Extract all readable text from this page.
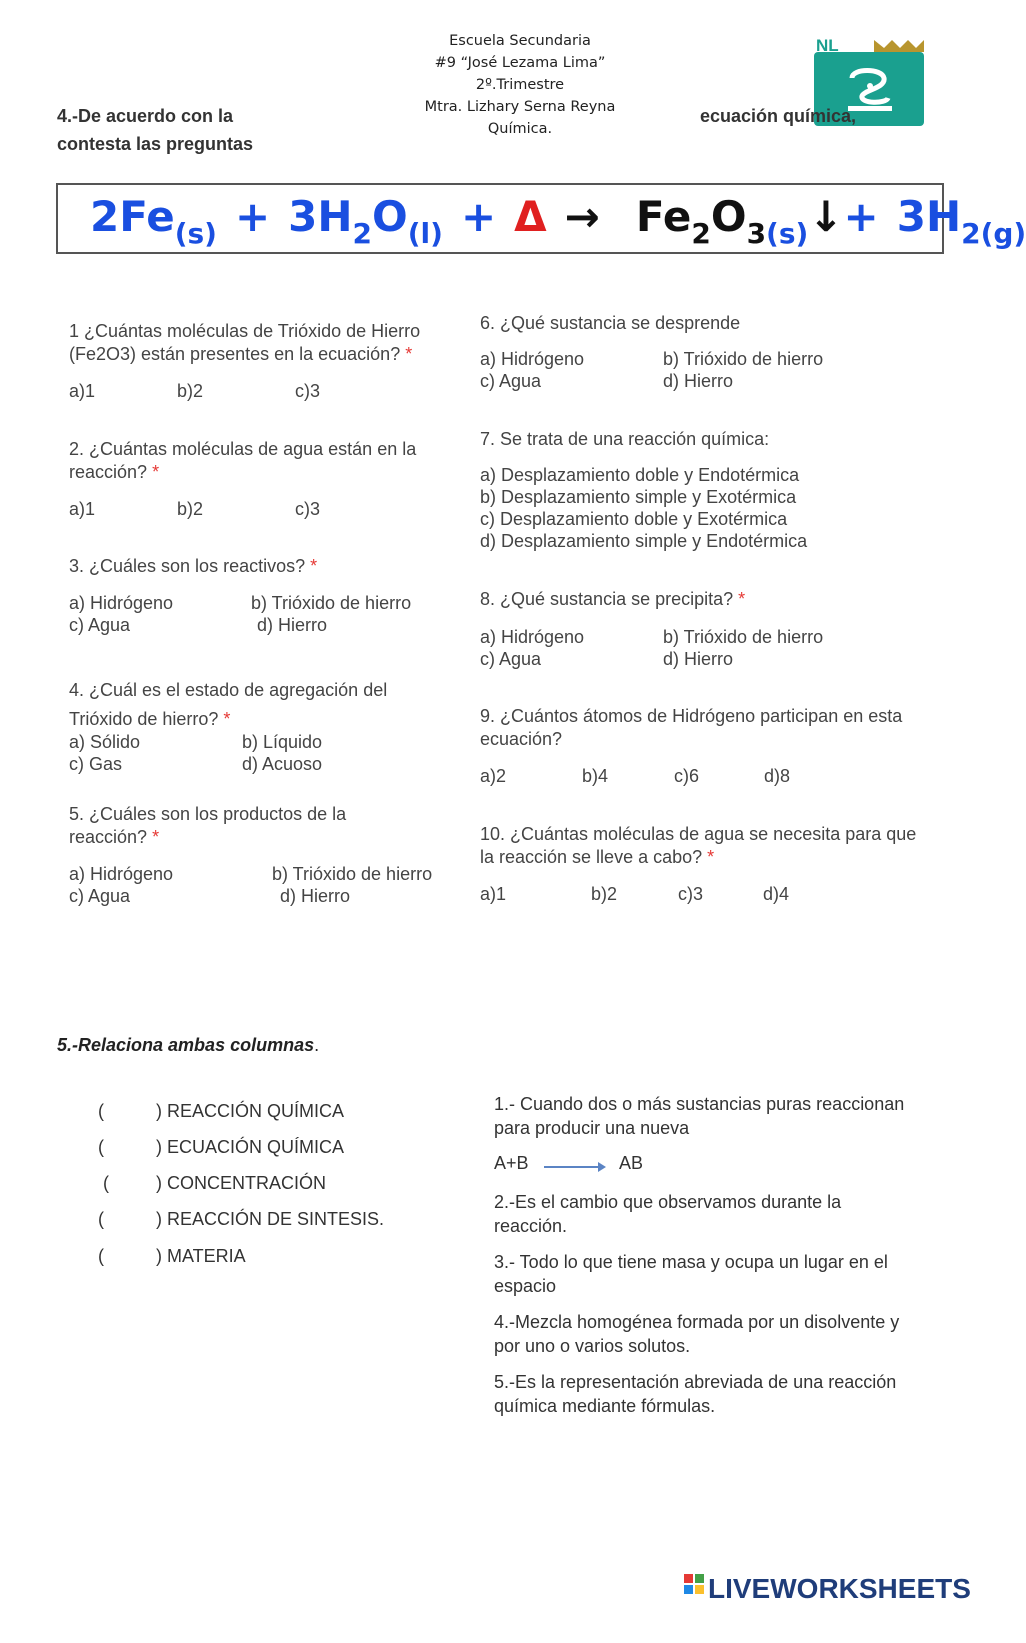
Escuela Secundaria
#9 “José Lezama Lima”
2º.Trimestre
Mtra. Lizhary Serna Reyna
Química.
4.-De acuerdo con la
contesta las preguntas
NL
ecuación química,
$2Fe_{(s)} + 3H_2O_{(l)} + \Delta$ → $Fe_2O_{3(s)}↓+ 3H_{2(g)}$
1 ¿Cuántas moléculas de Trióxido de Hierro (Fe2O3) están presentes en la ecuación? *
a)1	b)2	c)3
2. ¿Cuántas moléculas de agua están en la reacción? *
a)1	b)2	c)3
3. ¿Cuáles son los reactivos? *
a) Hidrógeno	b) Trióxido de hierro
c) Agua	d) Hierro
4. ¿Cuál es el estado de agregación del
Trióxido de hierro? *
a) Sólido	b) Líquido
c) Gas	d) Acuoso
5. ¿Cuáles son los productos de la reacción? *
a) Hidrógeno	b) Trióxido de hierro
c) Agua	d) Hierro
6. ¿Qué sustancia se desprende
a) Hidrógeno	b) Trióxido de hierro
c) Agua	d) Hierro
7. Se trata de una reacción química:
a) Desplazamiento doble y Endotérmica
b) Desplazamiento simple y Exotérmica
c) Desplazamiento doble y Exotérmica
d) Desplazamiento simple y Endotérmica
8. ¿Qué sustancia se precipita? *
a) Hidrógeno	b) Trióxido de hierro
c) Agua	d) Hierro
9. ¿Cuántos átomos de Hidrógeno participan en esta ecuación?
a)2	b)4	c)6	d)8
10. ¿Cuántas moléculas de agua se necesita para que la reacción se lleve a cabo? *
a)1	b)2	c)3	d)4
5.-Relaciona ambas columnas.
(	) REACCIÓN QUÍMICA
(	) ECUACIÓN QUÍMICA
(	) CONCENTRACIÓN
(	) REACCIÓN DE SINTESIS.
(	) MATERIA
1.- Cuando dos o más sustancias puras reaccionan para producir una nueva
A+B	AB
2.-Es el cambio que observamos durante la reacción.
3.- Todo lo que tiene masa y ocupa un lugar en el espacio
4.-Mezcla homogénea formada por un disolvente y por uno o varios solutos.
5.-Es la representación abreviada de una reacción química mediante fórmulas.
LIVEWORKSHEETS
